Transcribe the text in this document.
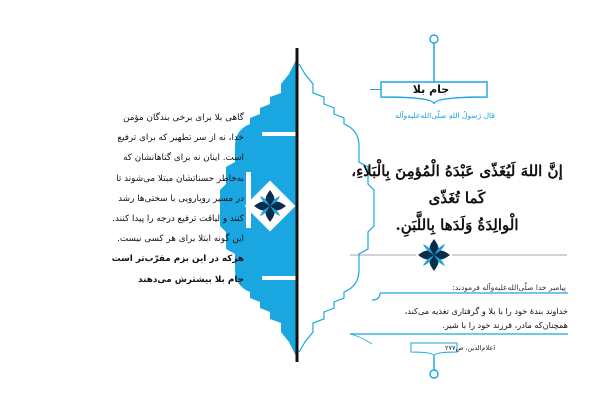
جام بلا
قال رَسولُ اللهِ صلّی‌الله‌علیه‌وآله
إنَّ اللهَ لَیُغَذّی عَبْدَهُ الْمُؤمِنَ بِالْبَلاءِ، کَما تُغَذّی
الْوالِدَةُ وَلَدَها بِاللَّبَنِ.
پیامبر خدا صلّی‌الله‌علیه‌وآله فرمودند:
خداوند بندهٔ خود را با بلا و گرفتاری تغذیه می‌کند،
همچنان‌که مادر، فرزند خود را با شیر.
اعلام‌الدین، ص۲۷۷
گاهی بلا برای برخی بندگان مؤمن
خدا، نه از سر تطهیر که برای ترفیع
است. اینان نه برای گناهانشان که
به‌خاطر حسناتشان مبتلا می‌شوند تا
در مسیر رویارویی با سختی‌ها رشد
کنند و لیاقت ترفیع درجه را پیدا کنند.
این گونه ابتلا برای هر کسی نیست.
هرکه در این بزم مقرّب‌تر است
جام بلا بیشترش می‌دهند
